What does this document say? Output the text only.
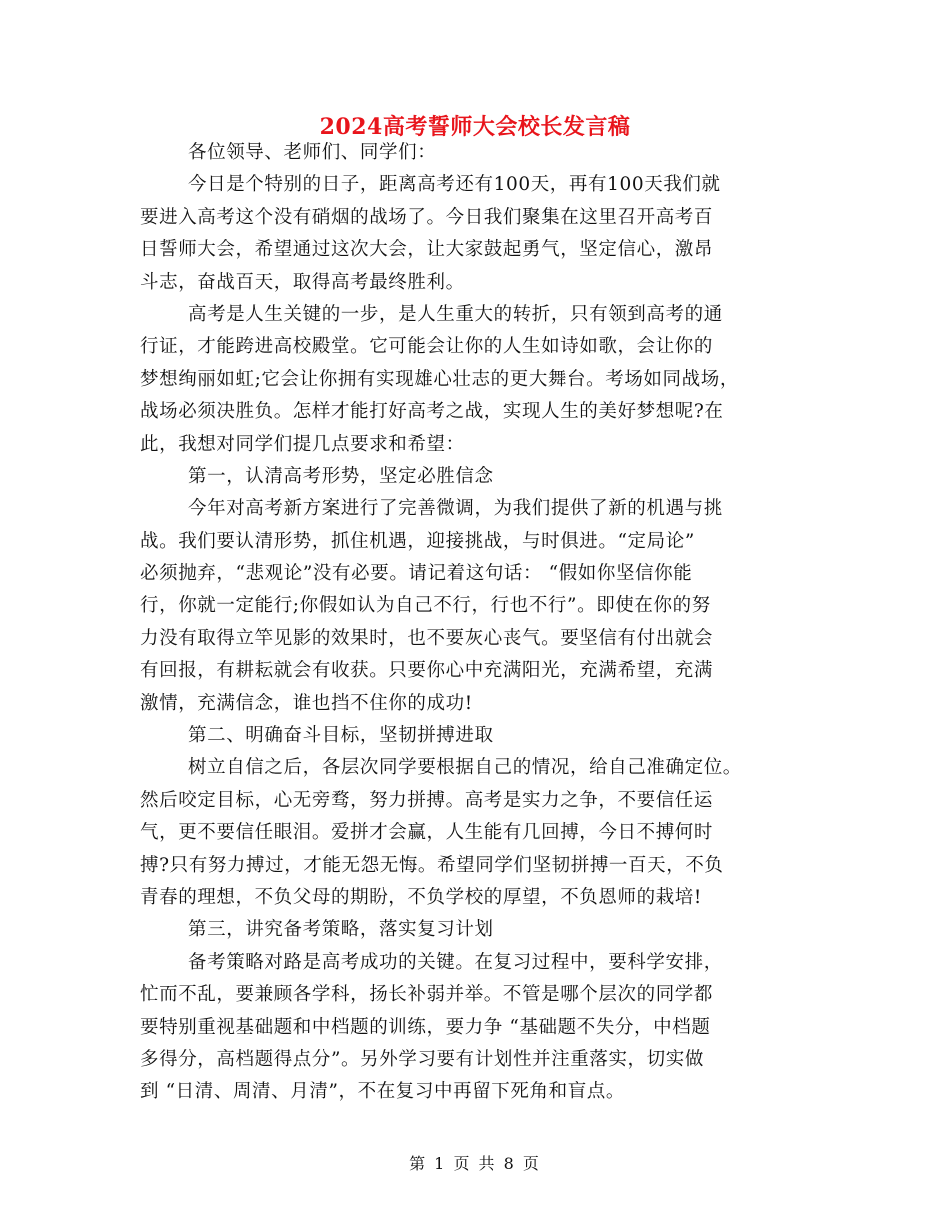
2024高考誓师大会校长发言稿
各位领导、老师们、同学们：
今日是个特别的日子，距离高考还有100天，再有100天我们就
要进入高考这个没有硝烟的战场了。今日我们聚集在这里召开高考百
日誓师大会，希望通过这次大会，让大家鼓起勇气，坚定信心，激昂
斗志，奋战百天，取得高考最终胜利。
高考是人生关键的一步，是人生重大的转折，只有领到高考的通
行证，才能跨进高校殿堂。它可能会让你的人生如诗如歌，会让你的
梦想绚丽如虹;它会让你拥有实现雄心壮志的更大舞台。考场如同战场，
战场必须决胜负。怎样才能打好高考之战，实现人生的美好梦想呢?在
此，我想对同学们提几点要求和希望：
第一，认清高考形势，坚定必胜信念
今年对高考新方案进行了完善微调，为我们提供了新的机遇与挑
战。我们要认清形势，抓住机遇，迎接挑战，与时俱进。“定局论”
必须抛弃，“悲观论”没有必要。请记着这句话： “假如你坚信你能
行，你就一定能行;你假如认为自己不行，行也不行”。即使在你的努
力没有取得立竿见影的效果时，也不要灰心丧气。要坚信有付出就会
有回报，有耕耘就会有收获。只要你心中充满阳光，充满希望，充满
激情，充满信念，谁也挡不住你的成功!
第二、明确奋斗目标，坚韧拼搏进取
树立自信之后，各层次同学要根据自己的情况，给自己准确定位。
然后咬定目标，心无旁骛，努力拼搏。高考是实力之争，不要信任运
气，更不要信任眼泪。爱拼才会赢，人生能有几回搏，今日不搏何时
搏?只有努力搏过，才能无怨无悔。希望同学们坚韧拼搏一百天，不负
青春的理想，不负父母的期盼，不负学校的厚望，不负恩师的栽培!
第三，讲究备考策略，落实复习计划
备考策略对路是高考成功的关键。在复习过程中，要科学安排，
忙而不乱，要兼顾各学科，扬长补弱并举。不管是哪个层次的同学都
要特别重视基础题和中档题的训练，要力争 “基础题不失分，中档题
多得分，高档题得点分”。另外学习要有计划性并注重落实，切实做
到 “日清、周清、月清”，不在复习中再留下死角和盲点。
第 1 页 共 8 页
